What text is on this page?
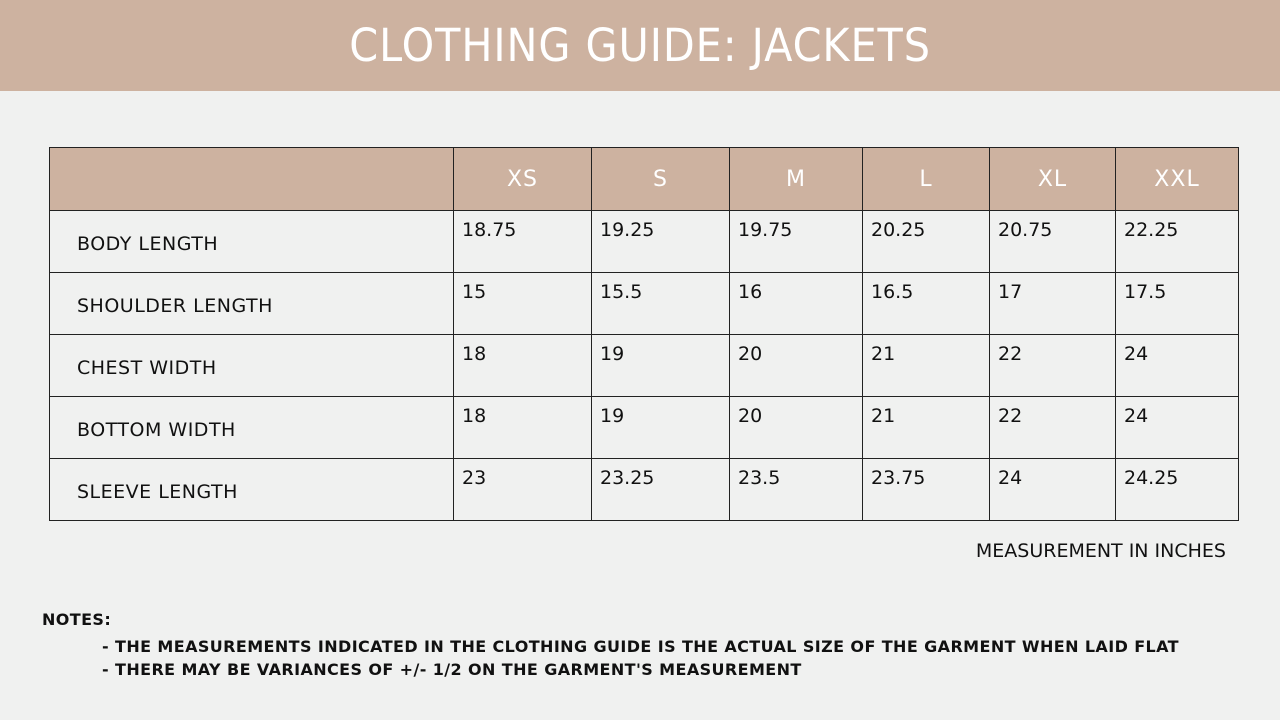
CLOTHING GUIDE: JACKETS
	XS	S	M	L	XL	XXL
BODY LENGTH	18.75	19.25	19.75	20.25	20.75	22.25
SHOULDER LENGTH	15	15.5	16	16.5	17	17.5
CHEST WIDTH	18	19	20	21	22	24
BOTTOM WIDTH	18	19	20	21	22	24
SLEEVE LENGTH	23	23.25	23.5	23.75	24	24.25
MEASUREMENT IN INCHES
NOTES:
- THE MEASUREMENTS INDICATED IN THE CLOTHING GUIDE IS THE ACTUAL SIZE OF THE GARMENT WHEN LAID FLAT
- THERE MAY BE VARIANCES OF +/- 1/2 ON THE GARMENT'S MEASUREMENT
